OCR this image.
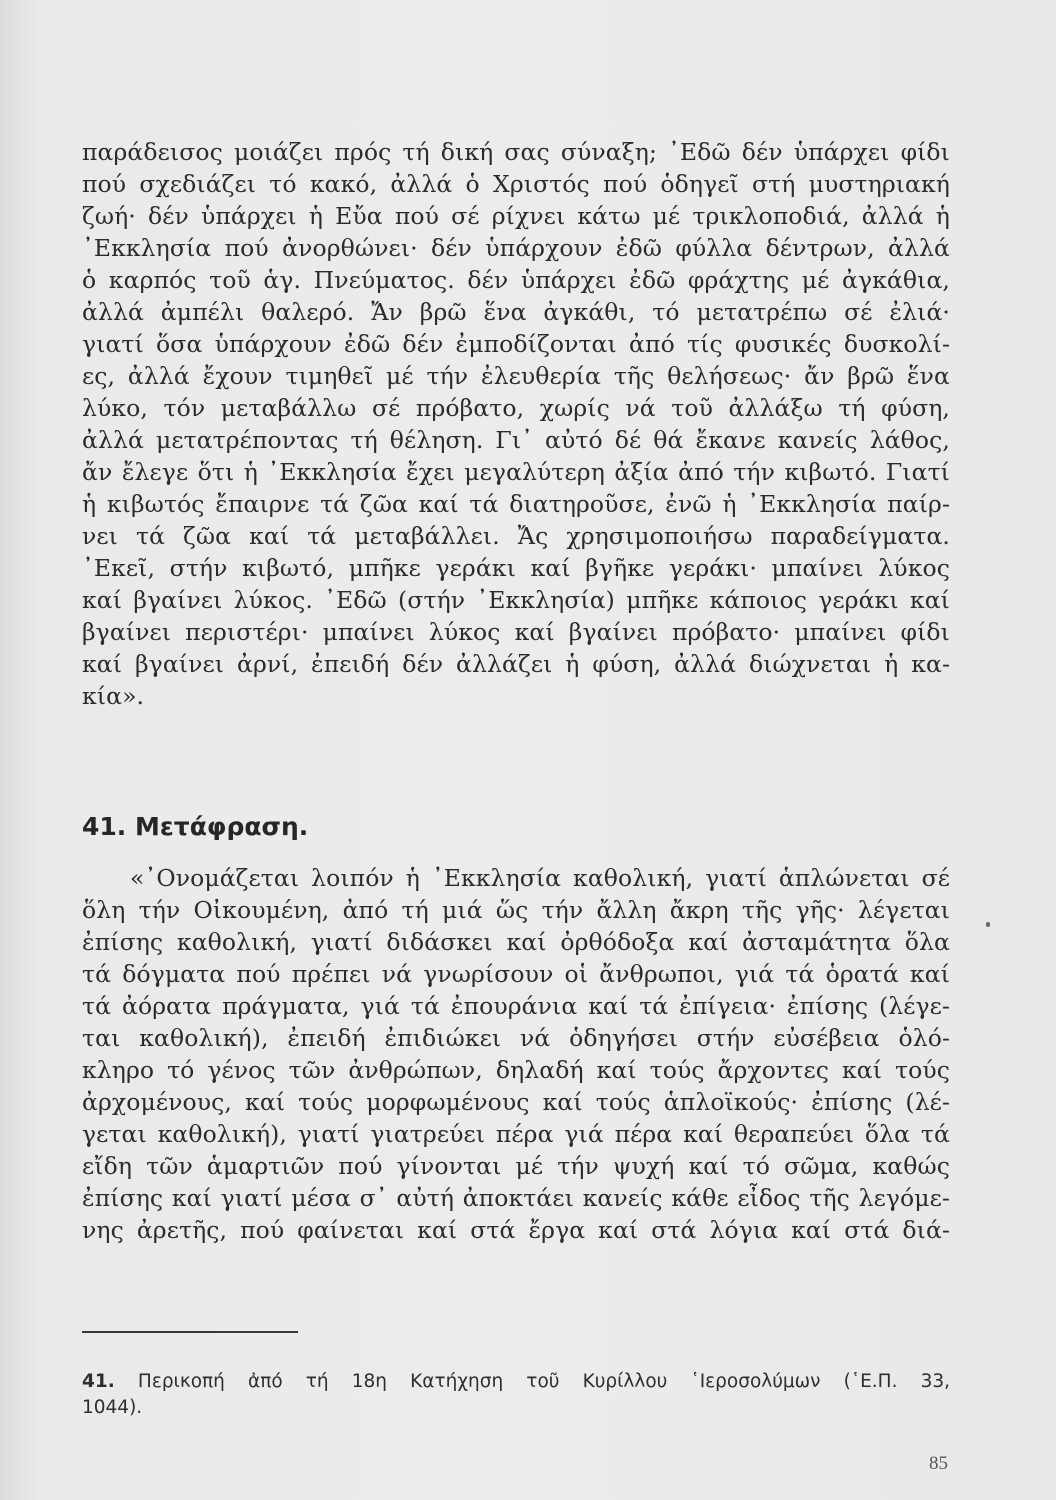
παράδεισος μοιάζει πρός τή δική σας σύναξη; ᾿Εδῶ δέν ὑπάρχει φίδι
πού σχεδιάζει τό κακό, ἀλλά ὁ Χριστός πού ὁδηγεῖ στή μυστηριακή
ζωή· δέν ὑπάρχει ἡ Εὔα πού σέ ρίχνει κάτω μέ τρικλοποδιά, ἀλλά ἡ
᾿Εκκλησία πού ἀνορθώνει· δέν ὑπάρχουν ἐδῶ φύλλα δέντρων, ἀλλά
ὁ καρπός τοῦ ἁγ. Πνεύματος. δέν ὑπάρχει ἐδῶ φράχτης μέ ἀγκάθια,
ἀλλά ἀμπέλι θαλερό. Ἄν βρῶ ἕνα ἀγκάθι, τό μετατρέπω σέ ἐλιά·
γιατί ὅσα ὑπάρχουν ἐδῶ δέν ἐμποδίζονται ἀπό τίς φυσικές δυσκολί-
ες, ἀλλά ἔχουν τιμηθεῖ μέ τήν ἐλευθερία τῆς θελήσεως· ἄν βρῶ ἕνα
λύκο, τόν μεταβάλλω σέ πρόβατο, χωρίς νά τοῦ ἀλλάξω τή φύση,
ἀλλά μετατρέποντας τή θέληση. Γι᾿ αὐτό δέ θά ἔκανε κανείς λάθος,
ἄν ἔλεγε ὅτι ἡ ᾿Εκκλησία ἔχει μεγαλύτερη ἀξία ἀπό τήν κιβωτό. Γιατί
ἡ κιβωτός ἔπαιρνε τά ζῶα καί τά διατηροῦσε, ἐνῶ ἡ ᾿Εκκλησία παίρ-
νει τά ζῶα καί τά μεταβάλλει. Ἄς χρησιμοποιήσω παραδείγματα.
᾿Εκεῖ, στήν κιβωτό, μπῆκε γεράκι καί βγῆκε γεράκι· μπαίνει λύκος
καί βγαίνει λύκος. ᾿Εδῶ (στήν ᾿Εκκλησία) μπῆκε κάποιος γεράκι καί
βγαίνει περιστέρι· μπαίνει λύκος καί βγαίνει πρόβατο· μπαίνει φίδι
καί βγαίνει ἀρνί, ἐπειδή δέν ἀλλάζει ἡ φύση, ἀλλά διώχνεται ἡ κα-
κία».
41. Μετάφραση.
«᾿Ονομάζεται λοιπόν ἡ ᾿Εκκλησία καθολική, γιατί ἁπλώνεται σέ
ὅλη τήν Οἰκουμένη, ἀπό τή μιά ὥς τήν ἄλλη ἄκρη τῆς γῆς· λέγεται
ἐπίσης καθολική, γιατί διδάσκει καί ὀρθόδοξα καί ἀσταμάτητα ὅλα
τά δόγματα πού πρέπει νά γνωρίσουν οἱ ἄνθρωποι, γιά τά ὁρατά καί
τά ἀόρατα πράγματα, γιά τά ἐπουράνια καί τά ἐπίγεια· ἐπίσης (λέγε-
ται καθολική), ἐπειδή ἐπιδιώκει νά ὁδηγήσει στήν εὐσέβεια ὁλό-
κληρο τό γένος τῶν ἀνθρώπων, δηλαδή καί τούς ἄρχοντες καί τούς
ἀρχομένους, καί τούς μορφωμένους καί τούς ἁπλοϊκούς· ἐπίσης (λέ-
γεται καθολική), γιατί γιατρεύει πέρα γιά πέρα καί θεραπεύει ὅλα τά
εἴδη τῶν ἁμαρτιῶν πού γίνονται μέ τήν ψυχή καί τό σῶμα, καθώς
ἐπίσης καί γιατί μέσα σ᾿ αὐτή ἀποκτάει κανείς κάθε εἶδος τῆς λεγόμε-
νης ἀρετῆς, πού φαίνεται καί στά ἔργα καί στά λόγια καί στά διά-
41. Περικοπή ἀπό τή 18η Κατήχηση τοῦ Κυρίλλου ῾Ιεροσολύμων (῾Ε.Π. 33,
1044).
85
